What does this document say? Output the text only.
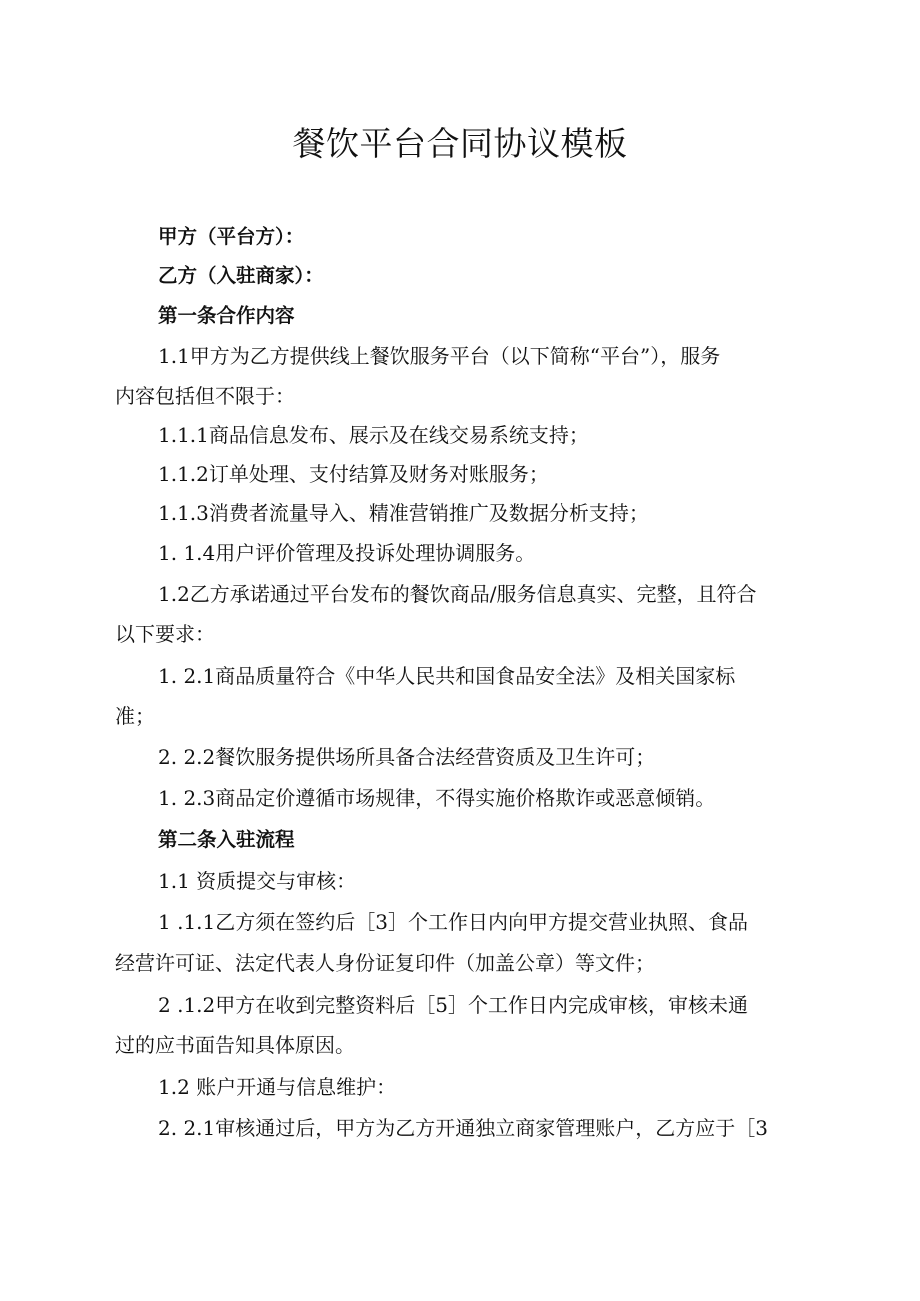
餐饮平台合同协议模板
甲方（平台方）：
乙方（入驻商家）：
第一条合作内容
1.1甲方为乙方提供线上餐饮服务平台（以下简称“平台”），服务
内容包括但不限于：
1.1.1商品信息发布、展示及在线交易系统支持；
1.1.2订单处理、支付结算及财务对账服务；
1.1.3消费者流量导入、精准营销推广及数据分析支持；
1. 1.4用户评价管理及投诉处理协调服务。
1.2乙方承诺通过平台发布的餐饮商品/服务信息真实、完整，且符合
以下要求：
1. 2.1商品质量符合《中华人民共和国食品安全法》及相关国家标
准；
2. 2.2餐饮服务提供场所具备合法经营资质及卫生许可；
1. 2.3商品定价遵循市场规律，不得实施价格欺诈或恶意倾销。
第二条入驻流程
1.1 资质提交与审核：
1 .1.1乙方须在签约后［3］个工作日内向甲方提交营业执照、食品
经营许可证、法定代表人身份证复印件（加盖公章）等文件；
2 .1.2甲方在收到完整资料后［5］个工作日内完成审核，审核未通
过的应书面告知具体原因。
1.2 账户开通与信息维护：
2. 2.1审核通过后，甲方为乙方开通独立商家管理账户，乙方应于［3
